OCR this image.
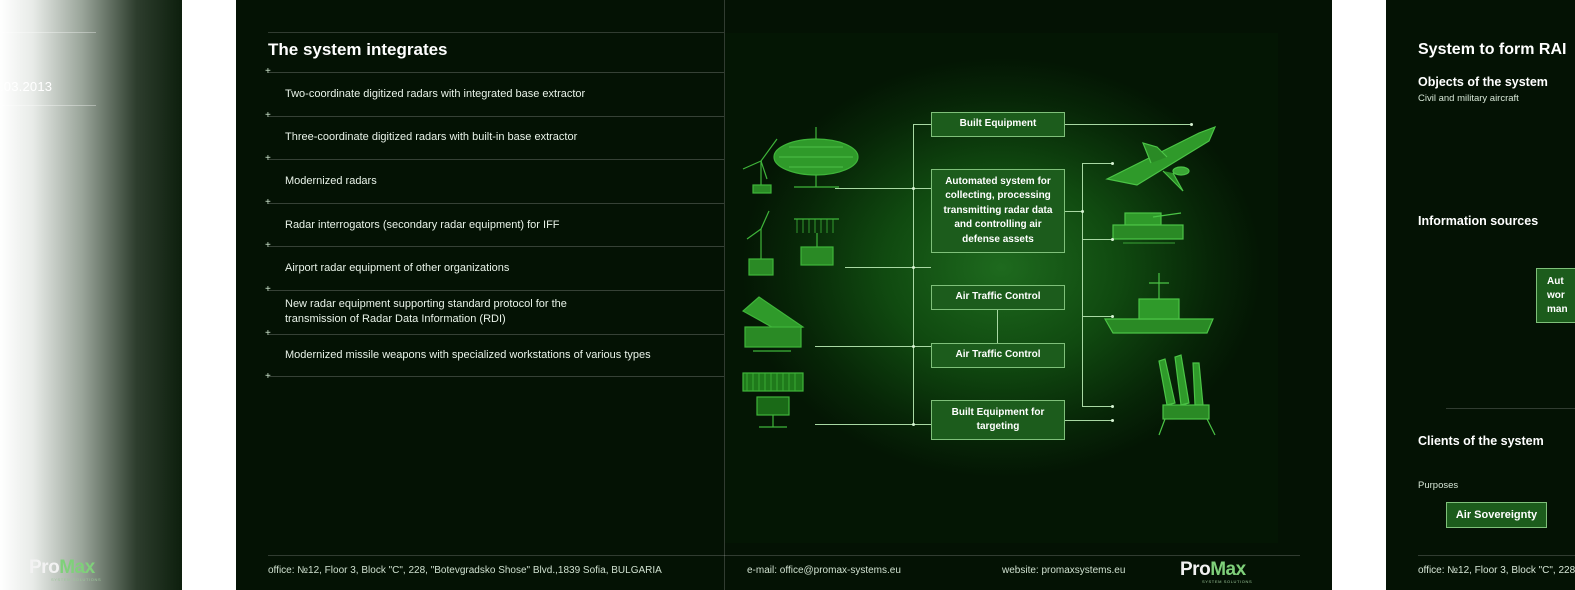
.03.2013
ProMax
SYSTEM SOLUTIONS
The system integrates
+
Two-coordinate digitized radars with integrated base extractor
+
Three-coordinate digitized radars with built-in base extractor
+
Modernized radars
+
Radar interrogators (secondary radar equipment) for IFF
+
Airport radar equipment of other organizations
+
New radar equipment supporting standard protocol for the transmission of Radar Data Information (RDI)
+
Modernized missile weapons with specialized workstations of various types
+
Built Equipment
Automated system for collecting, processing transmitting radar data and controlling air defense assets
Air Traffic Control
Air Traffic Control
Built Equipment for targeting
office: №12, Floor 3, Block "C", 228, "Botevgradsko Shose" Blvd.,1839 Sofia, BULGARIA	e-mail: office@promax-systems.eu	website: promaxsystems.eu	ProMax
SYSTEM SOLUTIONS
System to form RAI
Objects of the system
Civil and military aircraft
Information sources
Aut
wor
man
Clients of the system
Purposes
Air Sovereignty
office: №12, Floor 3, Block "C", 228
